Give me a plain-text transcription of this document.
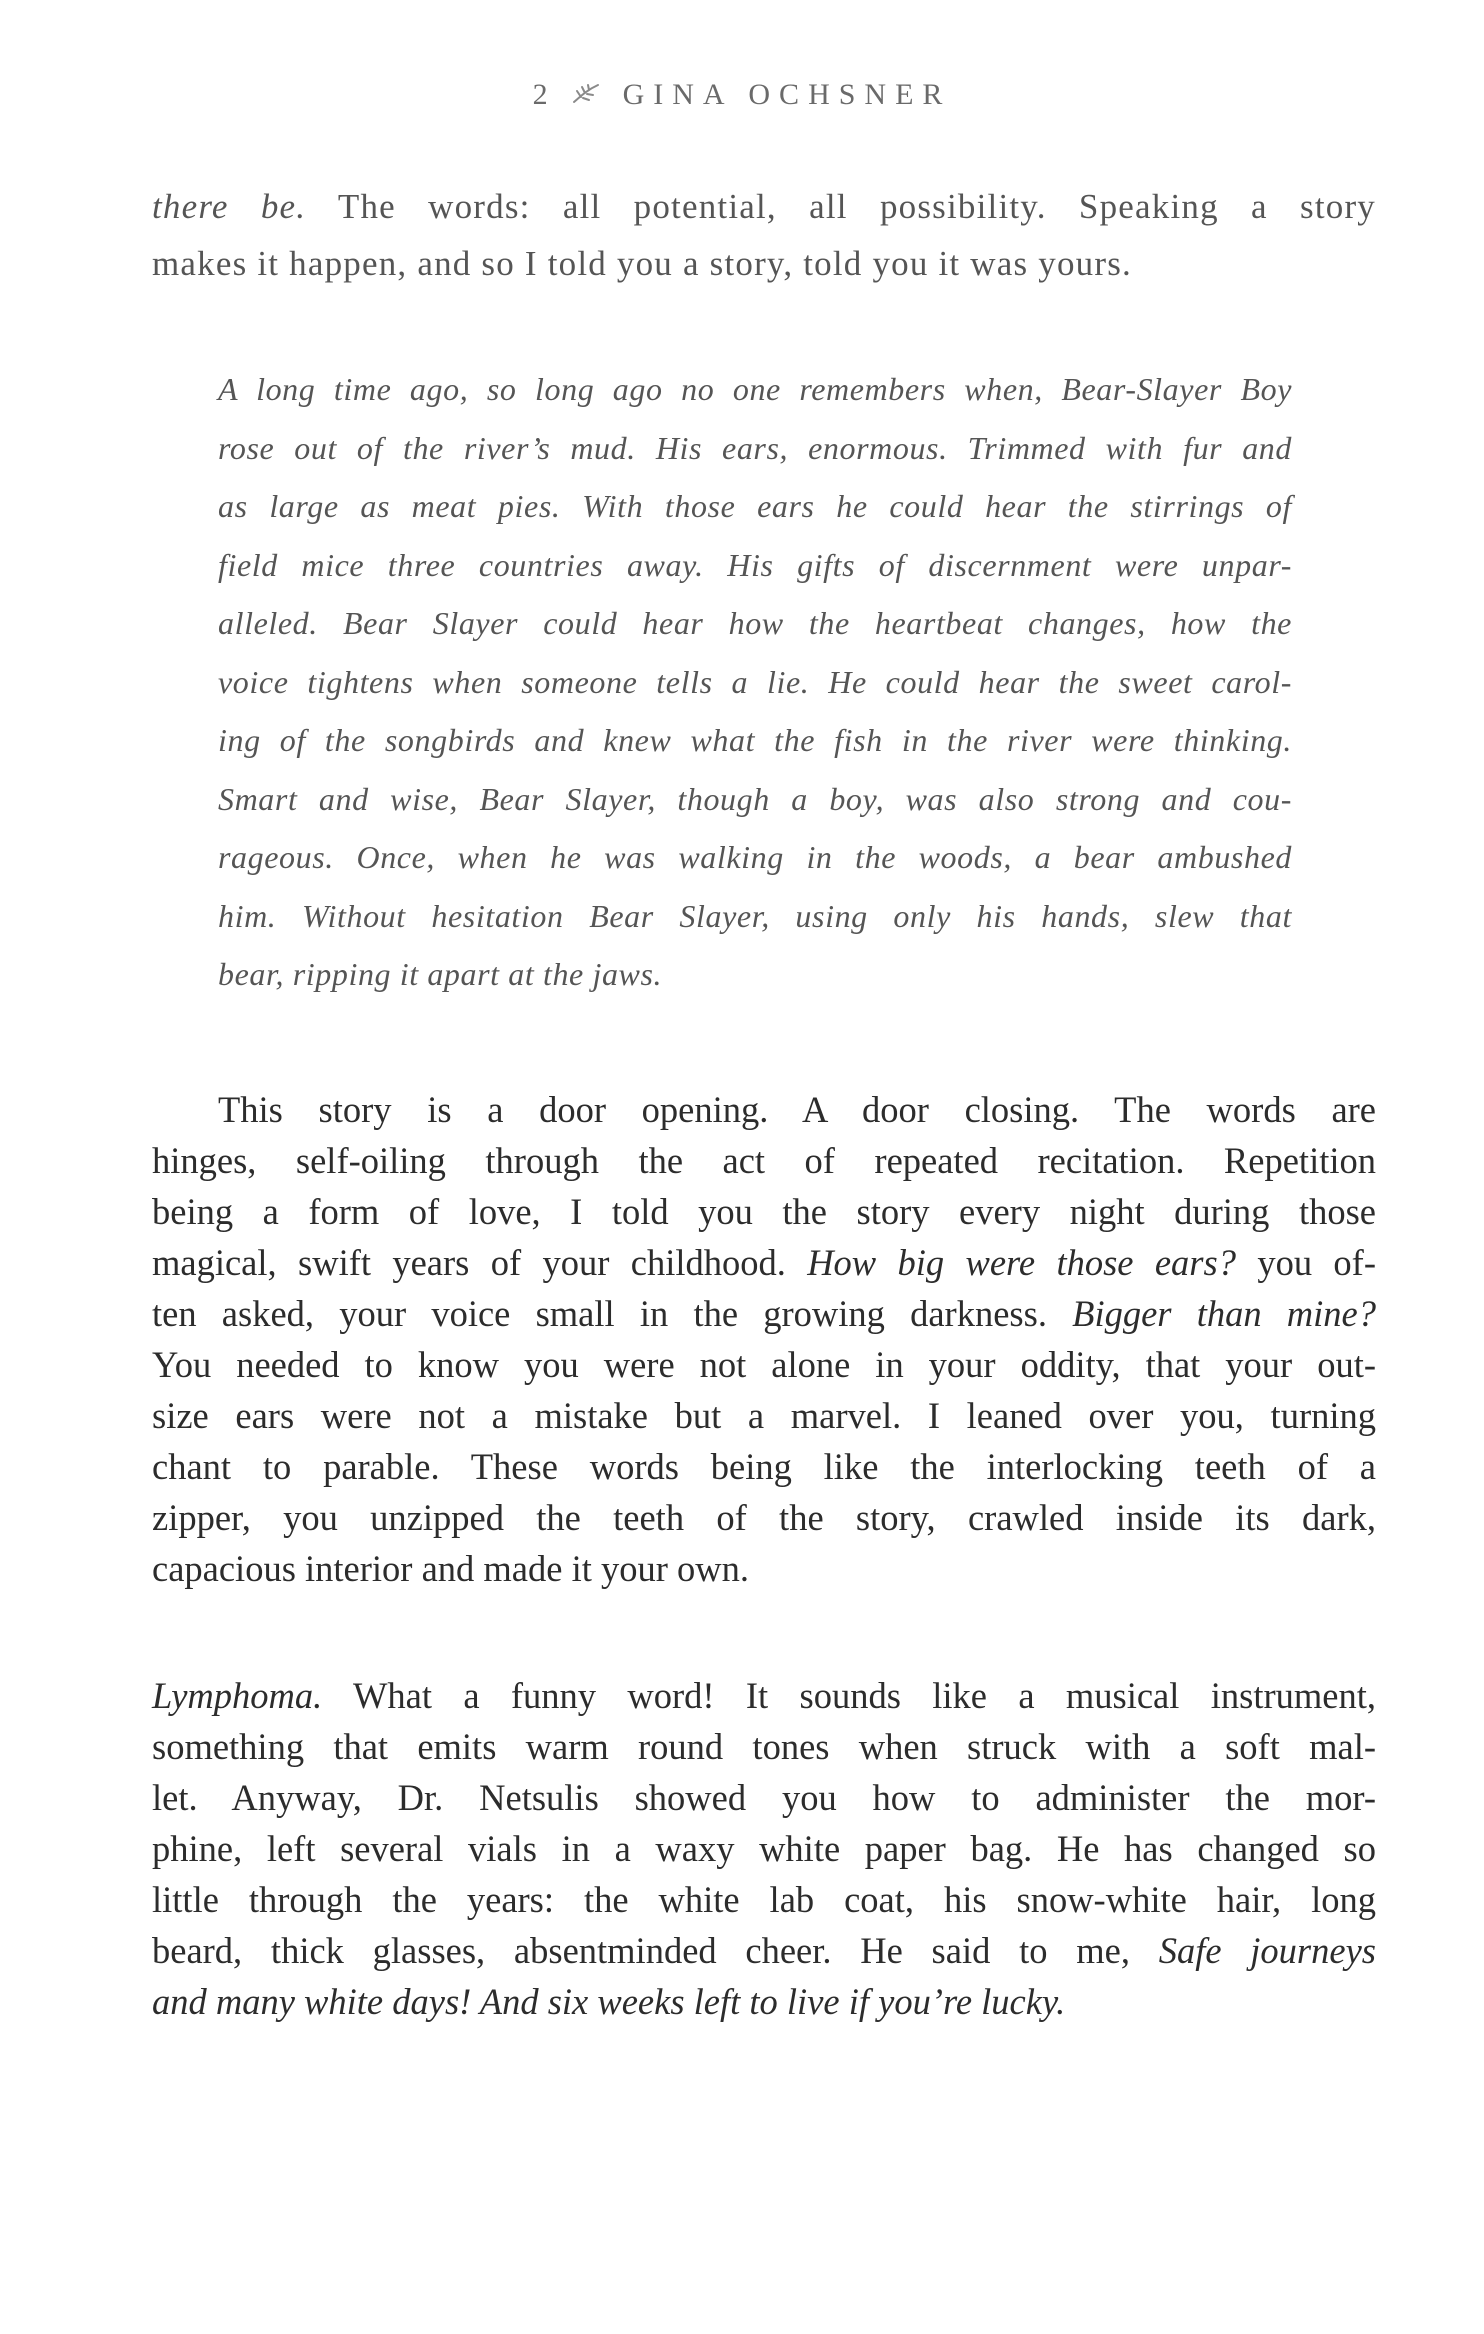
2 GINA OCHSNER
there be. The words: all potential, all possibility. Speaking a story
makes it happen, and so I told you a story, told you it was yours.
A long time ago, so long ago no one remembers when, Bear-Slayer Boy
rose out of the river’s mud. His ears, enormous. Trimmed with fur and
as large as meat pies. With those ears he could hear the stirrings of
field mice three countries away. His gifts of discernment were unpar-
alleled. Bear Slayer could hear how the heartbeat changes, how the
voice tightens when someone tells a lie. He could hear the sweet carol-
ing of the songbirds and knew what the fish in the river were thinking.
Smart and wise, Bear Slayer, though a boy, was also strong and cou-
rageous. Once, when he was walking in the woods, a bear ambushed
him. Without hesitation Bear Slayer, using only his hands, slew that
bear, ripping it apart at the jaws.
This story is a door opening. A door closing. The words are
hinges, self-oiling through the act of repeated recitation. Repetition
being a form of love, I told you the story every night during those
magical, swift years of your childhood. How big were those ears? you of-
ten asked, your voice small in the growing darkness. Bigger than mine?
You needed to know you were not alone in your oddity, that your out-
size ears were not a mistake but a marvel. I leaned over you, turning
chant to parable. These words being like the interlocking teeth of a
zipper, you unzipped the teeth of the story, crawled inside its dark,
capacious interior and made it your own.
Lymphoma. What a funny word! It sounds like a musical instrument,
something that emits warm round tones when struck with a soft mal-
let. Anyway, Dr. Netsulis showed you how to administer the mor-
phine, left several vials in a waxy white paper bag. He has changed so
little through the years: the white lab coat, his snow-white hair, long
beard, thick glasses, absentminded cheer. He said to me, Safe journeys
and many white days! And six weeks left to live if you’re lucky.
